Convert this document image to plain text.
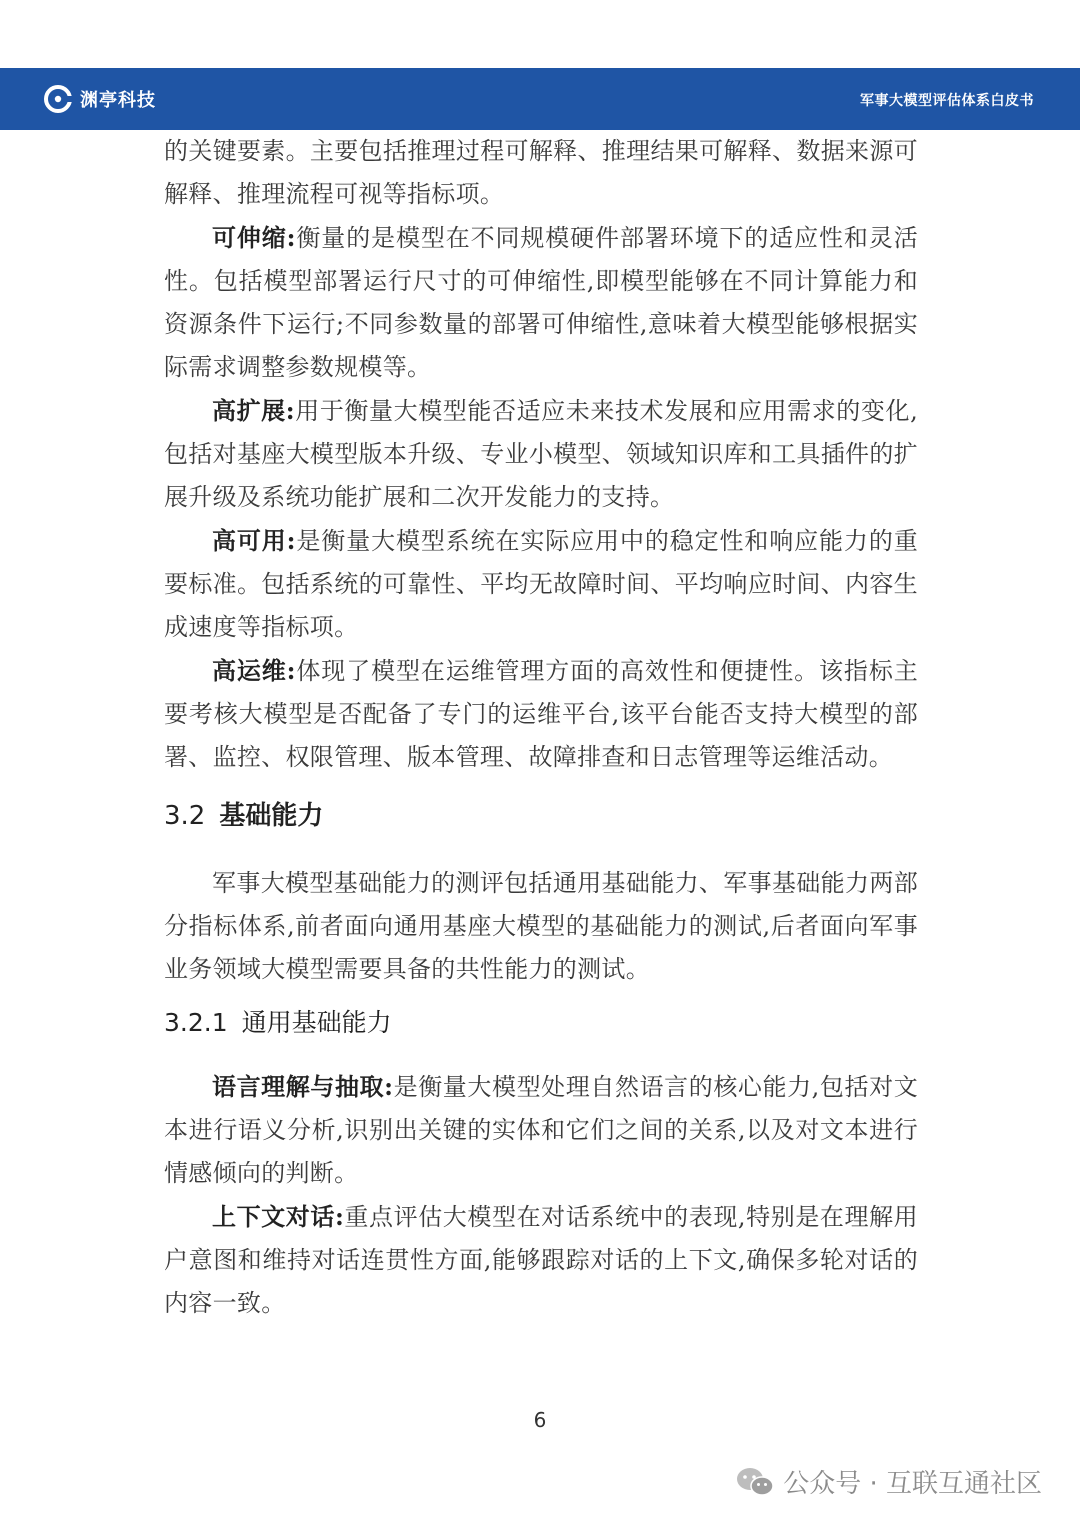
渊亭科技	军事大模型评估体系白皮书

的关键要素。主要包括推理过程可解释、推理结果可解释、数据来源可解释、推理流程可视等指标项。

可伸缩:衡量的是模型在不同规模硬件部署环境下的适应性和灵活性。包括模型部署运行尺寸的可伸缩性,即模型能够在不同计算能力和资源条件下运行;不同参数量的部署可伸缩性,意味着大模型能够根据实际需求调整参数规模等。

高扩展:用于衡量大模型能否适应未来技术发展和应用需求的变化,包括对基座大模型版本升级、专业小模型、领域知识库和工具插件的扩展升级及系统功能扩展和二次开发能力的支持。

高可用:是衡量大模型系统在实际应用中的稳定性和响应能力的重要标准。包括系统的可靠性、平均无故障时间、平均响应时间、内容生成速度等指标项。

高运维:体现了模型在运维管理方面的高效性和便捷性。该指标主要考核大模型是否配备了专门的运维平台,该平台能否支持大模型的部署、监控、权限管理、版本管理、故障排查和日志管理等运维活动。

3.2 基础能力

军事大模型基础能力的测评包括通用基础能力、军事基础能力两部分指标体系,前者面向通用基座大模型的基础能力的测试,后者面向军事业务领域大模型需要具备的共性能力的测试。

3.2.1 通用基础能力

语言理解与抽取:是衡量大模型处理自然语言的核心能力,包括对文本进行语义分析,识别出关键的实体和它们之间的关系,以及对文本进行情感倾向的判断。

上下文对话:重点评估大模型在对话系统中的表现,特别是在理解用户意图和维持对话连贯性方面,能够跟踪对话的上下文,确保多轮对话的内容一致。

6
公众号 · 互联互通社区
